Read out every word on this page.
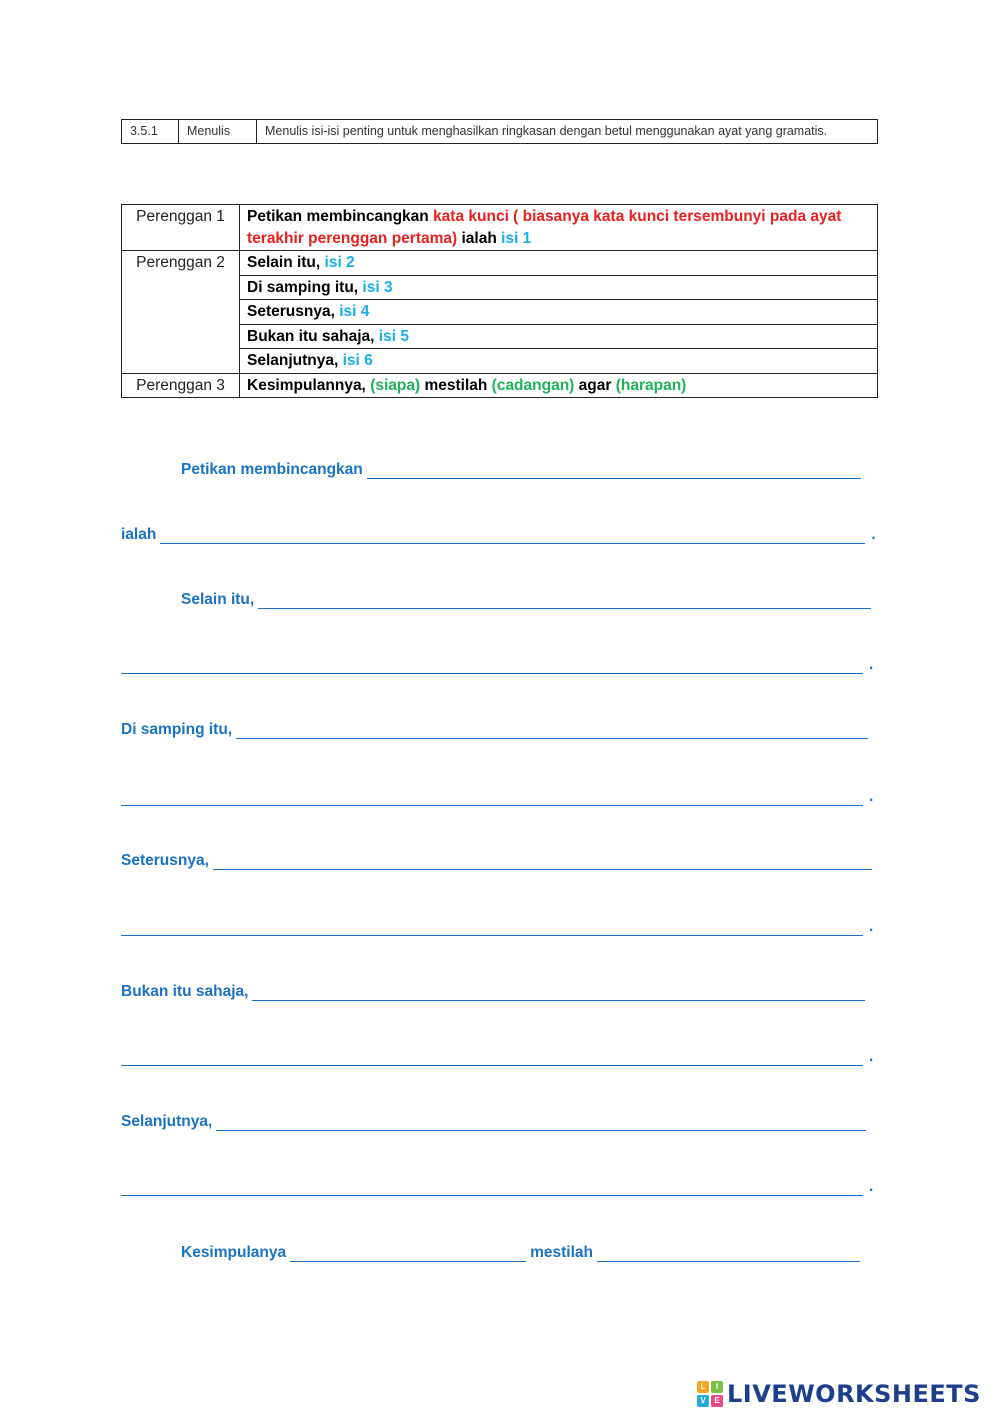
3.5.1	Menulis	Menulis isi-isi penting untuk menghasilkan ringkasan dengan betul menggunakan ayat yang gramatis.
Perenggan 1	Petikan membincangkan kata kunci ( biasanya kata kunci tersembunyi pada ayat terakhir perenggan pertama) ialah isi 1
Perenggan 2	Selain itu, isi 2
	Di samping itu, isi 3
	Seterusnya, isi 4
	Bukan itu sahaja, isi 5
	Selanjutnya, isi 6
Perenggan 3	Kesimpulannya, (siapa) mestilah (cadangan) agar (harapan)
Petikan membincangkan
ialah	.
Selain itu,
.
Di samping itu,
.
Seterusnya,
.
Bukan itu sahaja,
.
Selanjutnya,
.
Kesimpulanya	mestilah
L	I
V	E LIVEWORKSHEETS
